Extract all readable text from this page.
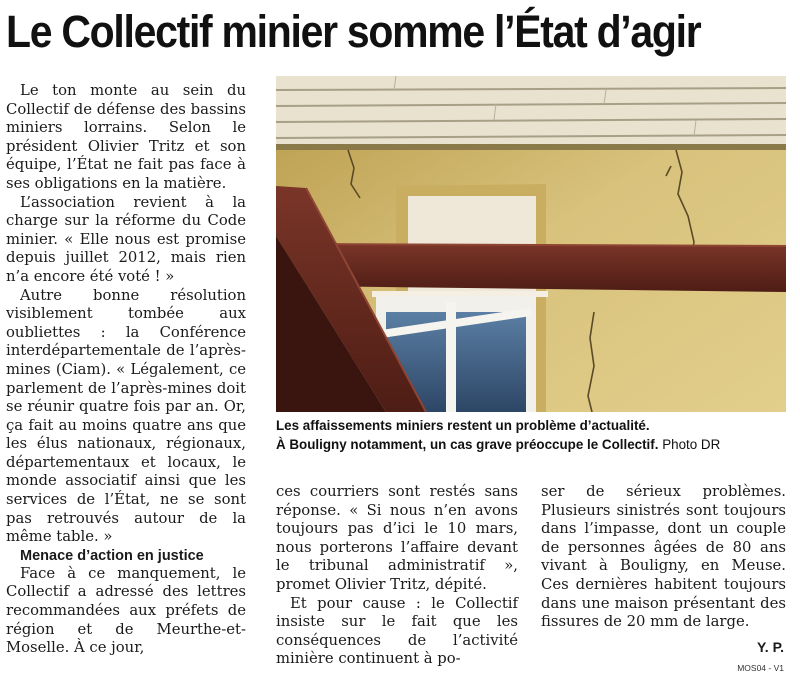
Le Collectif minier somme l’État d’agir

Le ton monte au sein du Collectif de défense des bassins miniers lorrains. Selon le président Olivier Tritz et son équipe, l’État ne fait pas face à ses obligations en la matière.

L’association revient à la charge sur la réforme du Code minier. « Elle nous est promise depuis juillet 2012, mais rien n’a encore été voté ! »

Autre bonne résolution visiblement tombée aux oubliettes : la Conférence interdépartementale de l’après-mines (Ciam). « Légalement, ce parlement de l’après-mines doit se réunir quatre fois par an. Or, ça fait au moins quatre ans que les élus nationaux, régionaux, départementaux et locaux, le monde associatif ainsi que les services de l’État, ne se sont pas retrouvés autour de la même table. »

Menace d’action en justice

Face à ce manquement, le Collectif a adressé des lettres recommandées aux préfets de région et de Meurthe-et-Moselle. À ce jour,

Les affaissements miniers restent un problème d’actualité.
À Bouligny notamment, un cas grave préoccupe le Collectif. Photo DR

ces courriers sont restés sans réponse. « Si nous n’en avons toujours pas d’ici le 10 mars, nous porterons l’affaire devant le tribunal administratif », promet Olivier Tritz, dépité.

Et pour cause : le Collectif insiste sur le fait que les conséquences de l’activité minière continuent à po-

ser de sérieux problèmes. Plusieurs sinistrés sont toujours dans l’impasse, dont un couple de personnes âgées de 80 ans vivant à Bouligny, en Meuse. Ces dernières habitent toujours dans une maison présentant des fissures de 20 mm de large.

Y. P.
MOS04 - V1
